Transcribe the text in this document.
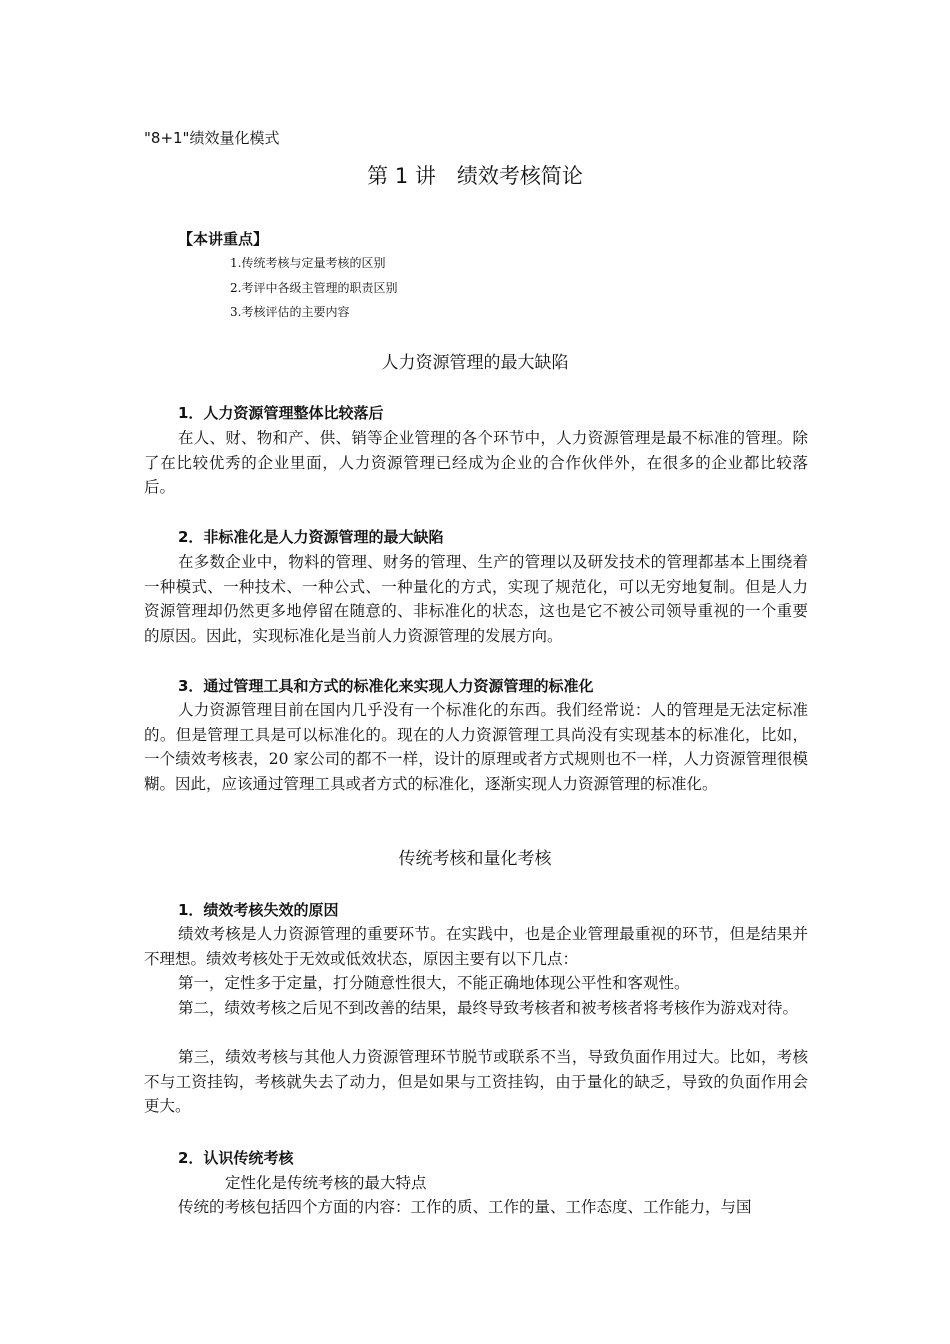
"8+1"绩效量化模式
第 1 讲　绩效考核简论
【本讲重点】
1.传统考核与定量考核的区别
2.考评中各级主管理的职责区别
3.考核评估的主要内容
人力资源管理的最大缺陷
1．人力资源管理整体比较落后

在人、财、物和产、供、销等企业管理的各个环节中，人力资源管理是最不标准的管理。除了在比较优秀的企业里面，人力资源管理已经成为企业的合作伙伴外，在很多的企业都比较落后。

2．非标准化是人力资源管理的最大缺陷

在多数企业中，物料的管理、财务的管理、生产的管理以及研发技术的管理都基本上围绕着一种模式、一种技术、一种公式、一种量化的方式，实现了规范化，可以无穷地复制。但是人力资源管理却仍然更多地停留在随意的、非标准化的状态，这也是它不被公司领导重视的一个重要的原因。因此，实现标准化是当前人力资源管理的发展方向。

3．通过管理工具和方式的标准化来实现人力资源管理的标准化

人力资源管理目前在国内几乎没有一个标准化的东西。我们经常说：人的管理是无法定标准的。但是管理工具是可以标准化的。现在的人力资源管理工具尚没有实现基本的标准化，比如，一个绩效考核表，20 家公司的都不一样，设计的原理或者方式规则也不一样，人力资源管理很模糊。因此，应该通过管理工具或者方式的标准化，逐渐实现人力资源管理的标准化。

传统考核和量化考核
1．绩效考核失效的原因

绩效考核是人力资源管理的重要环节。在实践中，也是企业管理最重视的环节，但是结果并不理想。绩效考核处于无效或低效状态，原因主要有以下几点：

第一，定性多于定量，打分随意性很大，不能正确地体现公平性和客观性。

第二，绩效考核之后见不到改善的结果，最终导致考核者和被考核者将考核作为游戏对待。

第三，绩效考核与其他人力资源管理环节脱节或联系不当，导致负面作用过大。比如，考核不与工资挂钩，考核就失去了动力，但是如果与工资挂钩，由于量化的缺乏，导致的负面作用会更大。

2．认识传统考核
定性化是传统考核的最大特点

传统的考核包括四个方面的内容：工作的质、工作的量、工作态度、工作能力，与国
